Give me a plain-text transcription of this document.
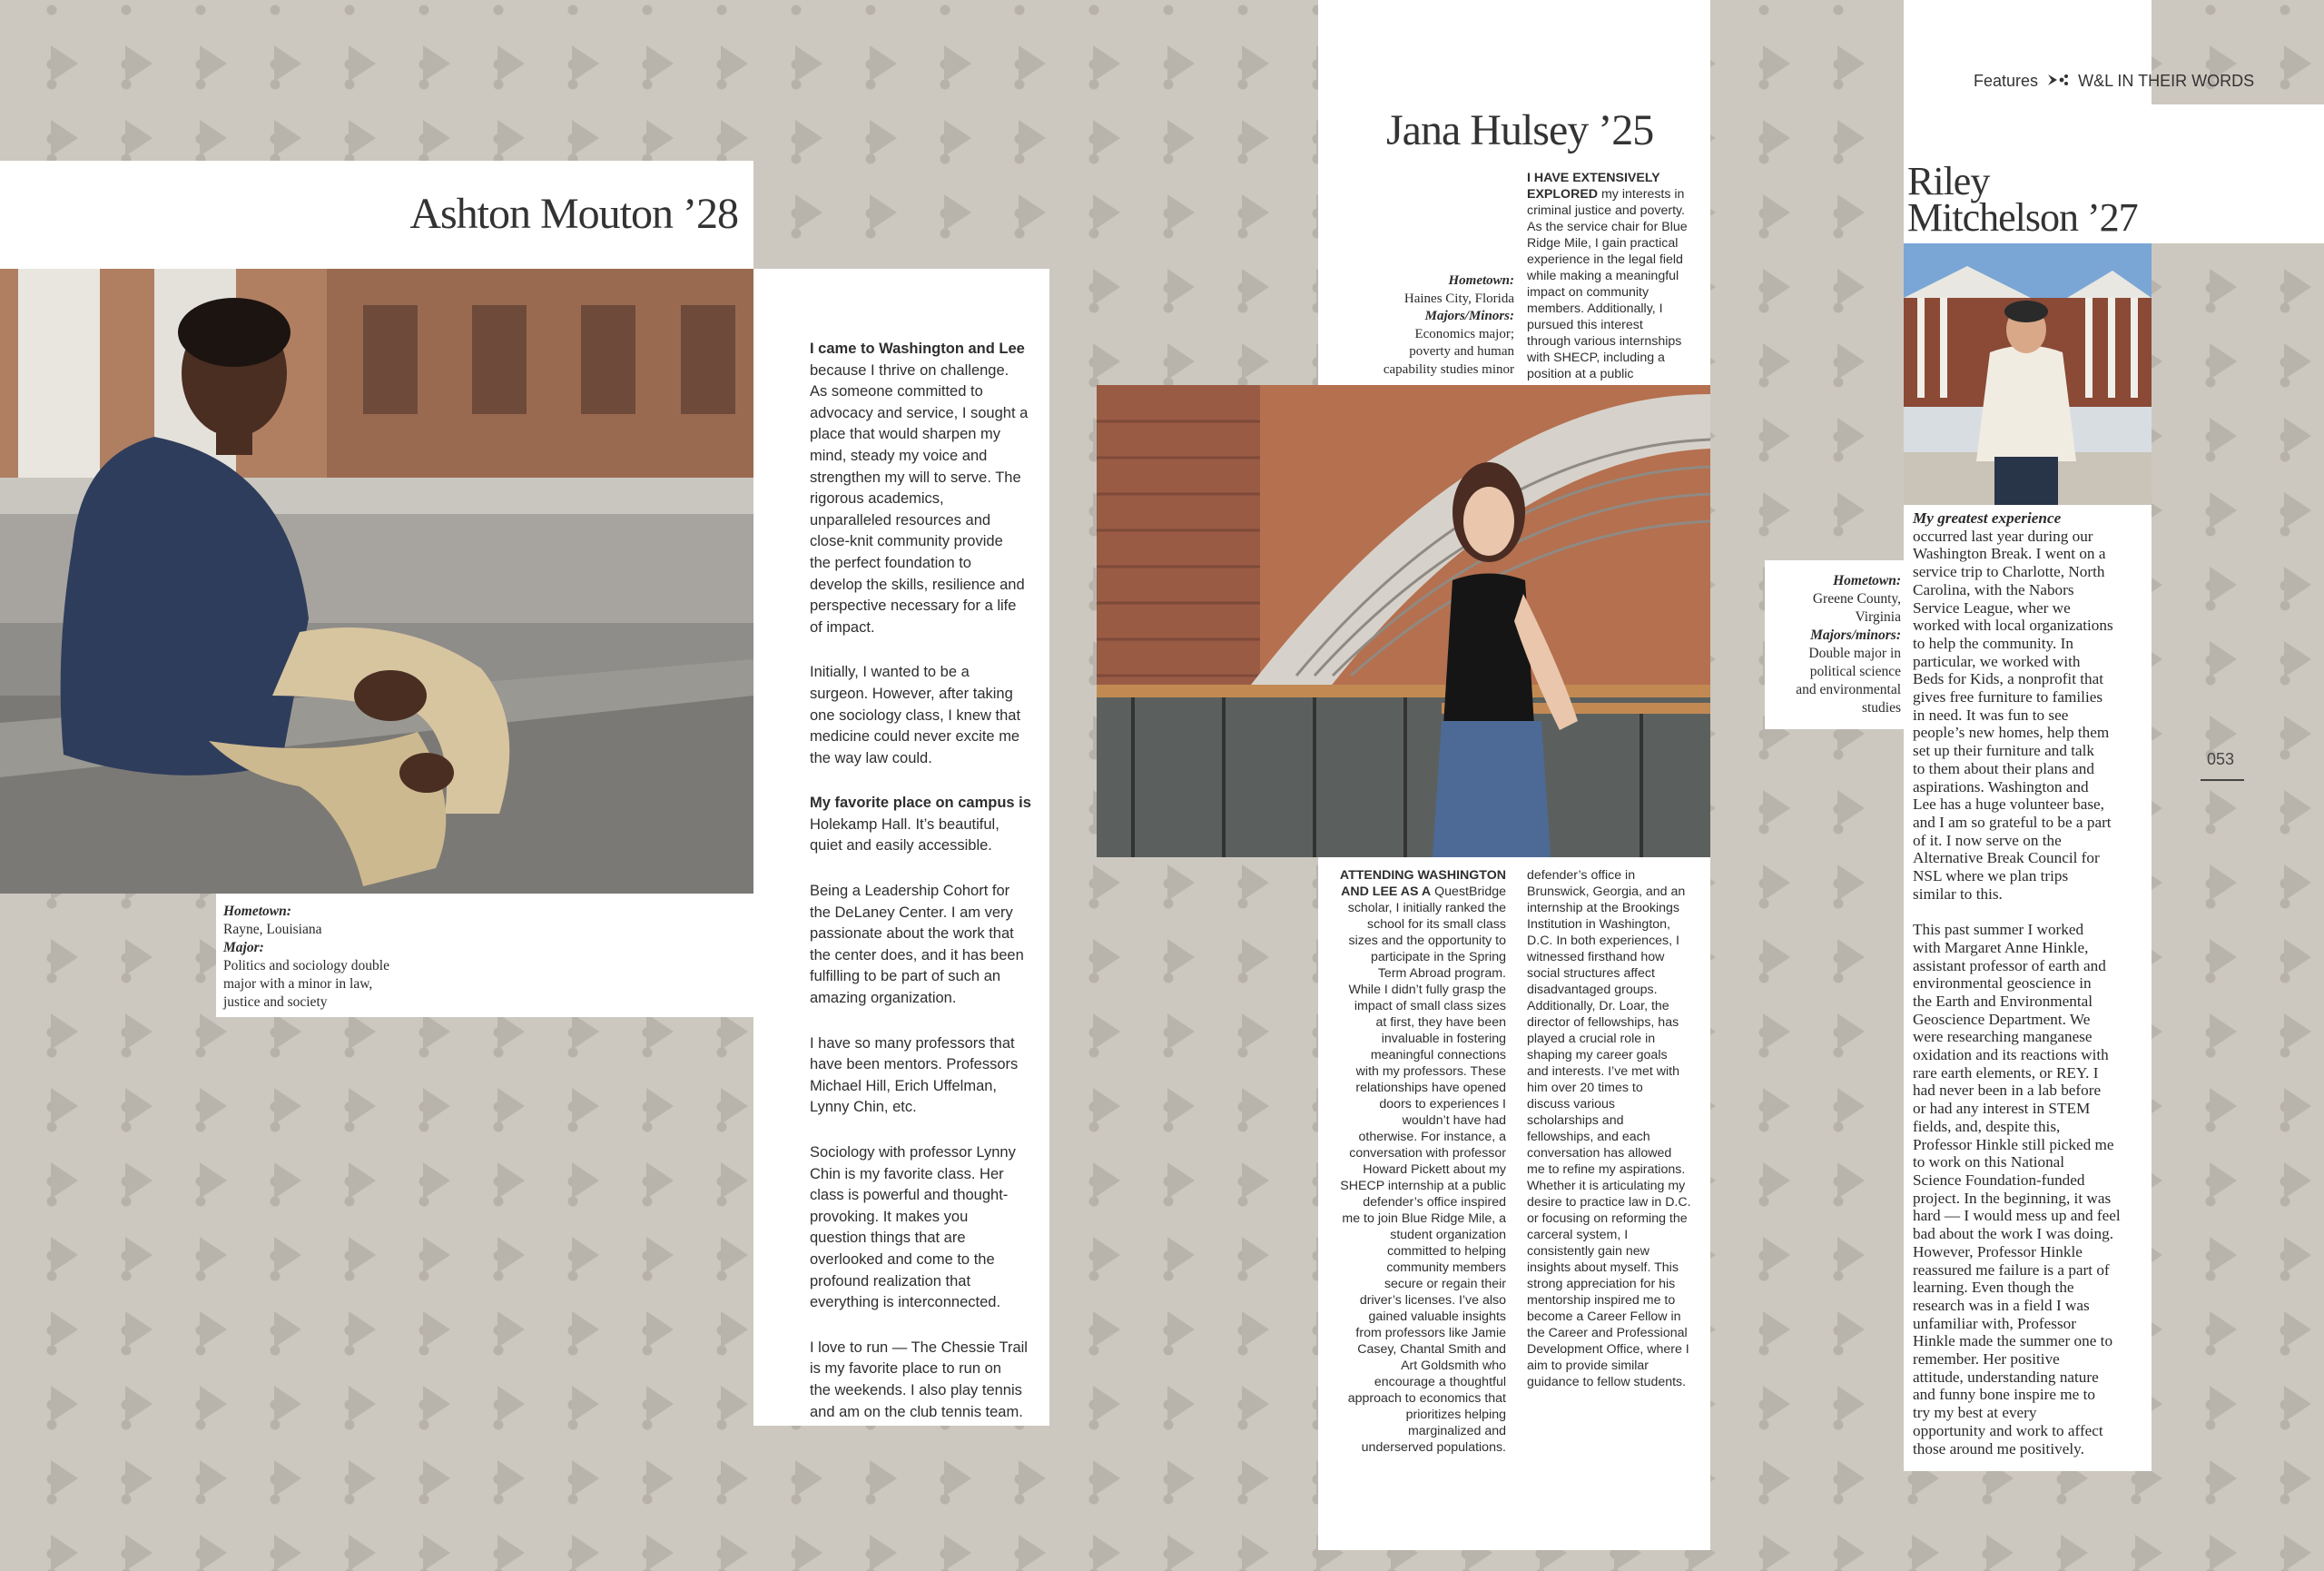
Ashton Mouton ’28
Hometown:
Rayne, Louisiana
Major:
Politics and sociology double
major with a minor in law,
justice and society
I came to Washington and Lee
because I thrive on challenge.
As someone committed to
advocacy and service, I sought a
place that would sharpen my
mind, steady my voice and
strengthen my will to serve. The
rigorous academics,
unparalleled resources and
close-knit community provide
the perfect foundation to
develop the skills, resilience and
perspective necessary for a life
of impact.
Initially, I wanted to be a
surgeon. However, after taking
one sociology class, I knew that
medicine could never excite me
the way law could.
My favorite place on campus is
Holekamp Hall. It’s beautiful,
quiet and easily accessible.
Being a Leadership Cohort for
the DeLaney Center. I am very
passionate about the work that
the center does, and it has been
fulfilling to be part of such an
amazing organization.
I have so many professors that
have been mentors. Professors
Michael Hill, Erich Uffelman,
Lynny Chin, etc.
Sociology with professor Lynny
Chin is my favorite class. Her
class is powerful and thought-
provoking. It makes you
question things that are
overlooked and come to the
profound realization that
everything is interconnected.
I love to run — The Chessie Trail
is my favorite place to run on
the weekends. I also play tennis
and am on the club tennis team.
Jana Hulsey ’25
Hometown:
Haines City, Florida
Majors/Minors:
Economics major;
poverty and human
capability studies minor
I HAVE EXTENSIVELY
EXPLORED my interests in
criminal justice and poverty.
As the service chair for Blue
Ridge Mile, I gain practical
experience in the legal field
while making a meaningful
impact on community
members. Additionally, I
pursued this interest
through various internships
with SHECP, including a
position at a public
ATTENDING WASHINGTON
AND LEE AS A QuestBridge
scholar, I initially ranked the
school for its small class
sizes and the opportunity to
participate in the Spring
Term Abroad program.
While I didn’t fully grasp the
impact of small class sizes
at first, they have been
invaluable in fostering
meaningful connections
with my professors. These
relationships have opened
doors to experiences I
wouldn’t have had
otherwise. For instance, a
conversation with professor
Howard Pickett about my
SHECP internship at a public
defender’s office inspired
me to join Blue Ridge Mile, a
student organization
committed to helping
community members
secure or regain their
driver’s licenses. I’ve also
gained valuable insights
from professors like Jamie
Casey, Chantal Smith and
Art Goldsmith who
encourage a thoughtful
approach to economics that
prioritizes helping
marginalized and
underserved populations.
defender’s office in
Brunswick, Georgia, and an
internship at the Brookings
Institution in Washington,
D.C. In both experiences, I
witnessed firsthand how
social structures affect
disadvantaged groups.
Additionally, Dr. Loar, the
director of fellowships, has
played a crucial role in
shaping my career goals
and interests. I’ve met with
him over 20 times to
discuss various
scholarships and
fellowships, and each
conversation has allowed
me to refine my aspirations.
Whether it is articulating my
desire to practice law in D.C.
or focusing on reforming the
carceral system, I
consistently gain new
insights about myself. This
strong appreciation for his
mentorship inspired me to
become a Career Fellow in
the Career and Professional
Development Office, where I
aim to provide similar
guidance to fellow students.
Riley
Mitchelson ’27
Hometown:
Greene County,
Virginia
Majors/minors:
Double major in
political science
and environmental
studies
My greatest experience
occurred last year during our
Washington Break. I went on a
service trip to Charlotte, North
Carolina, with the Nabors
Service League, wher we
worked with local organizations
to help the community. In
particular, we worked with
Beds for Kids, a nonprofit that
gives free furniture to families
in need. It was fun to see
people’s new homes, help them
set up their furniture and talk
to them about their plans and
aspirations. Washington and
Lee has a huge volunteer base,
and I am so grateful to be a part
of it. I now serve on the
Alternative Break Council for
NSL where we plan trips
similar to this.
This past summer I worked
with Margaret Anne Hinkle,
assistant professor of earth and
environmental geoscience in
the Earth and Environmental
Geoscience Department. We
were researching manganese
oxidation and its reactions with
rare earth elements, or REY. I
had never been in a lab before
or had any interest in STEM
fields, and, despite this,
Professor Hinkle still picked me
to work on this National
Science Foundation-funded
project. In the beginning, it was
hard — I would mess up and feel
bad about the work I was doing.
However, Professor Hinkle
reassured me failure is a part of
learning. Even though the
research was in a field I was
unfamiliar with, Professor
Hinkle made the summer one to
remember. Her positive
attitude, understanding nature
and funny bone inspire me to
try my best at every
opportunity and work to affect
those around me positively.
Features W&L IN THEIR WORDS
053
